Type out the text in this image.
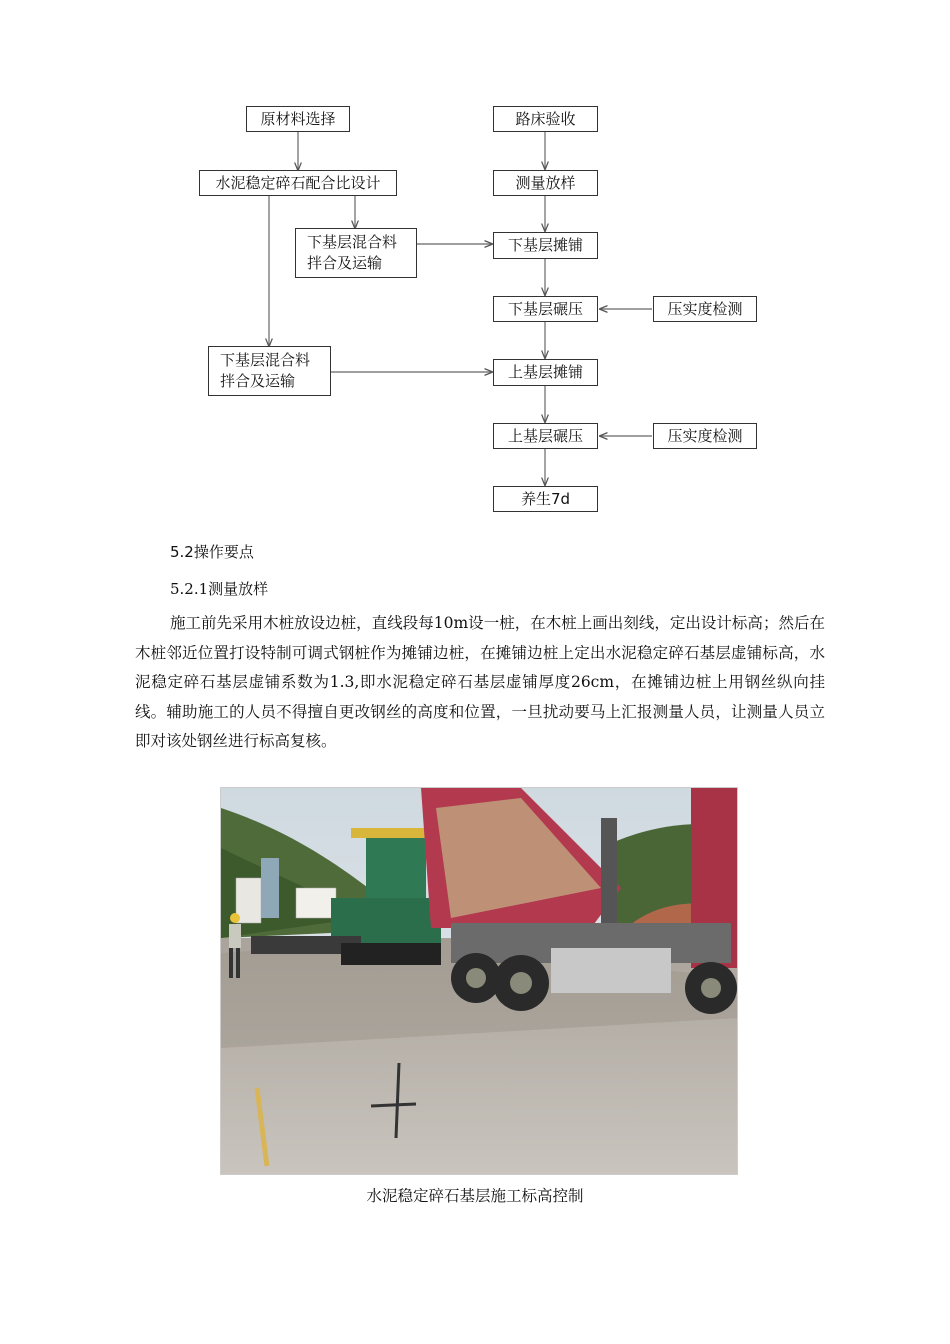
原材料选择
水泥稳定碎石配合比设计
下基层混合料
拌合及运输
下基层混合料
拌合及运输
路床验收
测量放样
下基层摊铺
下基层碾压	压实度检测
上基层摊铺
上基层碾压	压实度检测
养生7d
5.2操作要点
5.2.1测量放样

施工前先采用木桩放设边桩，直线段每10m设一桩，在木桩上画出刻线，定出设计标高；然后在木桩邻近位置打设特制可调式钢桩作为摊铺边桩，在摊铺边桩上定出水泥稳定碎石基层虚铺标高，水泥稳定碎石基层虚铺系数为1.3,即水泥稳定碎石基层虚铺厚度26cm，在摊铺边桩上用钢丝纵向挂线。辅助施工的人员不得擅自更改钢丝的高度和位置，一旦扰动要马上汇报测量人员，让测量人员立即对该处钢丝进行标高复核。

水泥稳定碎石基层施工标高控制
